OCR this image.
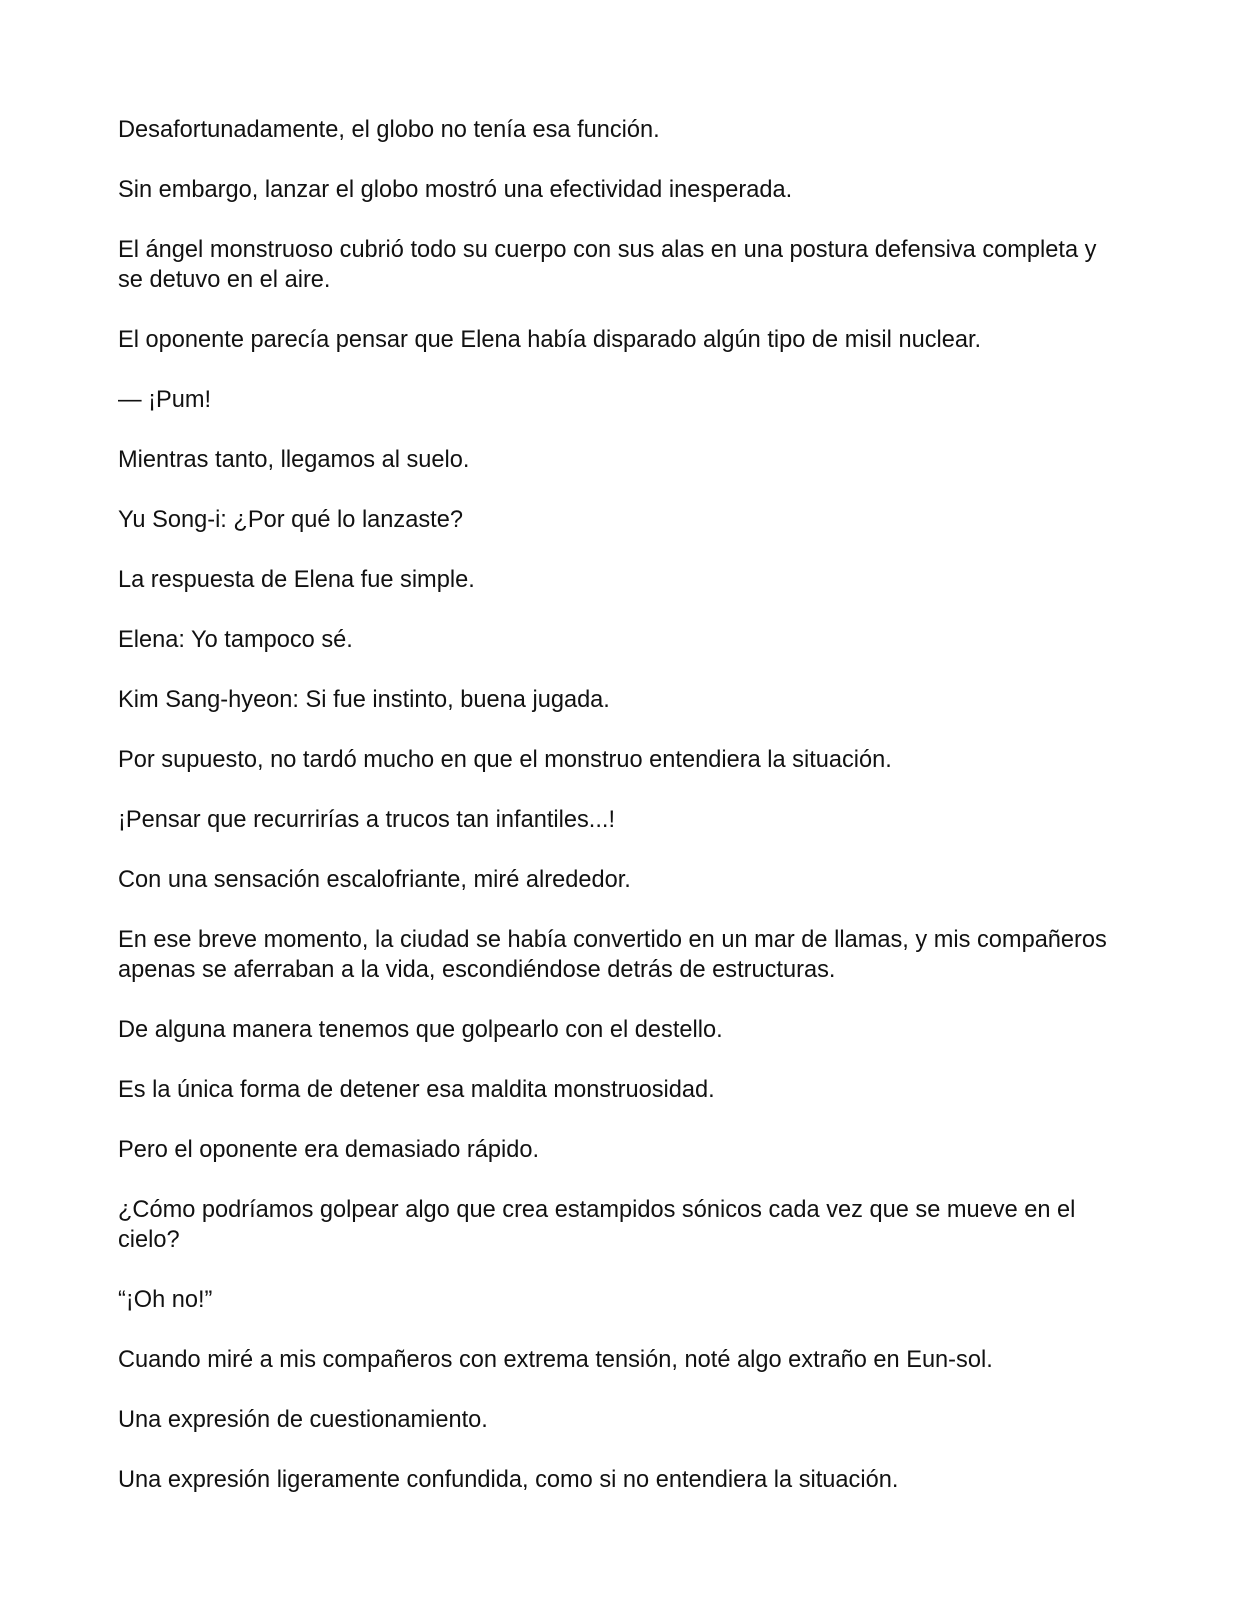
Desafortunadamente, el globo no tenía esa función.

Sin embargo, lanzar el globo mostró una efectividad inesperada.

El ángel monstruoso cubrió todo su cuerpo con sus alas en una postura defensiva completa y se detuvo en el aire.

El oponente parecía pensar que Elena había disparado algún tipo de misil nuclear.

— ¡Pum!

Mientras tanto, llegamos al suelo.

Yu Song-i: ¿Por qué lo lanzaste?

La respuesta de Elena fue simple.

Elena: Yo tampoco sé.

Kim Sang-hyeon: Si fue instinto, buena jugada.

Por supuesto, no tardó mucho en que el monstruo entendiera la situación.

¡Pensar que recurrirías a trucos tan infantiles...!

Con una sensación escalofriante, miré alrededor.

En ese breve momento, la ciudad se había convertido en un mar de llamas, y mis compañeros apenas se aferraban a la vida, escondiéndose detrás de estructuras.

De alguna manera tenemos que golpearlo con el destello.

Es la única forma de detener esa maldita monstruosidad.

Pero el oponente era demasiado rápido.

¿Cómo podríamos golpear algo que crea estampidos sónicos cada vez que se mueve en el cielo?

“¡Oh no!”

Cuando miré a mis compañeros con extrema tensión, noté algo extraño en Eun-sol.

Una expresión de cuestionamiento.

Una expresión ligeramente confundida, como si no entendiera la situación.
